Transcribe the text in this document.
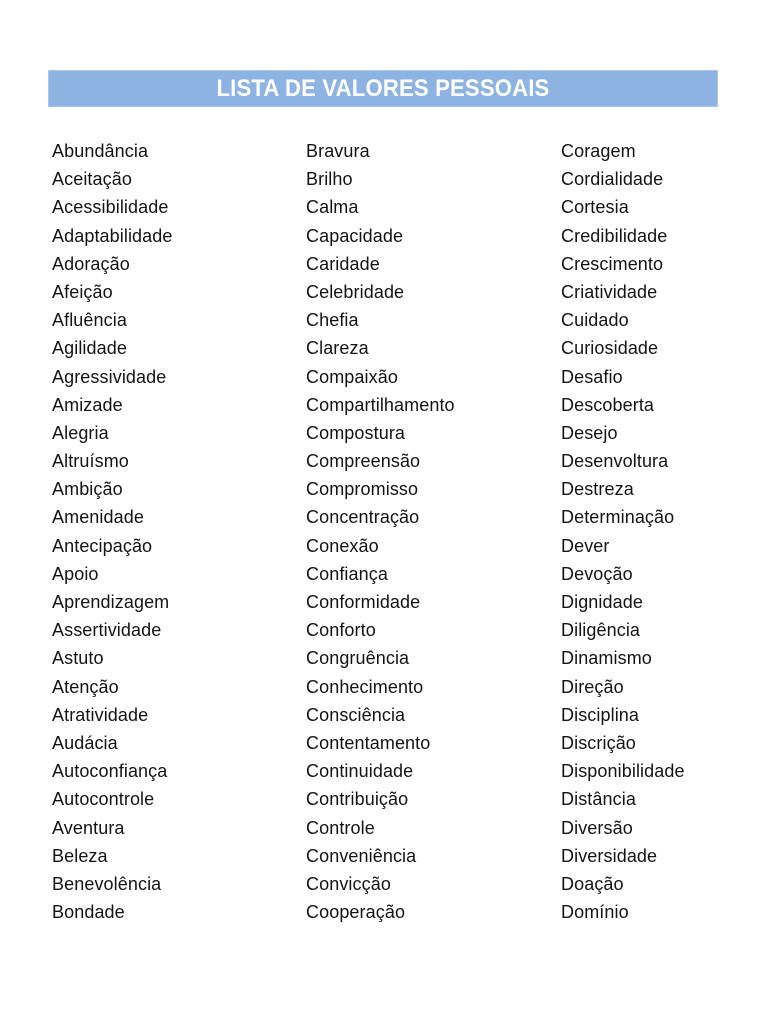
LISTA DE VALORES PESSOAIS
Abundância
Aceitação
Acessibilidade
Adaptabilidade
Adoração
Afeição
Afluência
Agilidade
Agressividade
Amizade
Alegria
Altruísmo
Ambição
Amenidade
Antecipação
Apoio
Aprendizagem
Assertividade
Astuto
Atenção
Atratividade
Audácia
Autoconfiança
Autocontrole
Aventura
Beleza
Benevolência
Bondade
Bravura
Brilho
Calma
Capacidade
Caridade
Celebridade
Chefia
Clareza
Compaixão
Compartilhamento
Compostura
Compreensão
Compromisso
Concentração
Conexão
Confiança
Conformidade
Conforto
Congruência
Conhecimento
Consciência
Contentamento
Continuidade
Contribuição
Controle
Conveniência
Convicção
Cooperação
Coragem
Cordialidade
Cortesia
Credibilidade
Crescimento
Criatividade
Cuidado
Curiosidade
Desafio
Descoberta
Desejo
Desenvoltura
Destreza
Determinação
Dever
Devoção
Dignidade
Diligência
Dinamismo
Direção
Disciplina
Discrição
Disponibilidade
Distância
Diversão
Diversidade
Doação
Domínio
